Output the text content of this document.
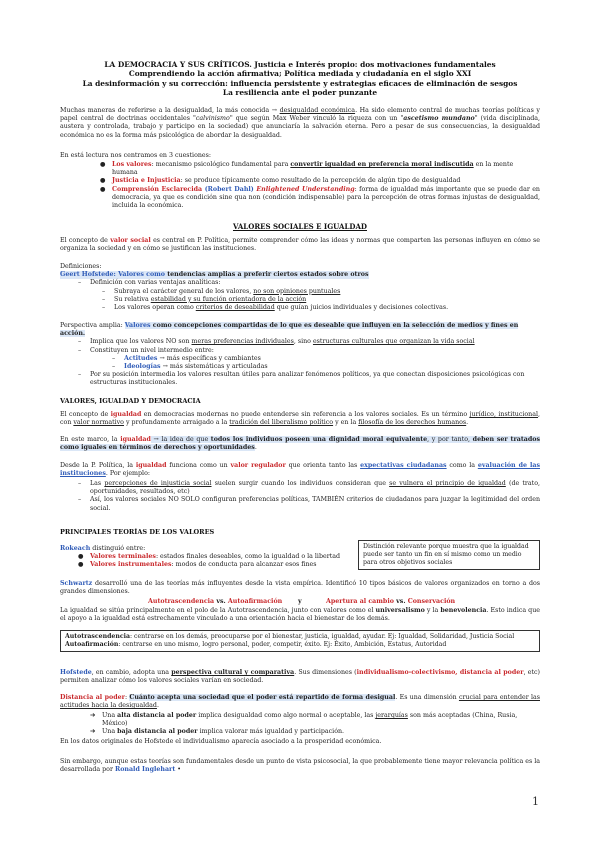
LA DEMOCRACIA Y SUS CRÍTICOS. Justicia e Interés propio: dos motivaciones fundamentales
Comprendiendo la acción afirmativa; Política mediada y ciudadanía en el siglo XXI
La desinformación y su corrección: influencia persistente y estrategias eficaces de eliminación de sesgos
La resiliencia ante el poder punzante
Muchas maneras de referirse a la desigualdad, la más conocida → desigualdad económica. Ha sido elemento central de muchas teorías políticas y papel central de doctrinas occidentales "calvinismo" que según Max Weber vinculó la riqueza con un "ascetismo mundano" (vida disciplinada, austera y controlada, trabajo y participo en la sociedad) que anunciaría la salvación eterna. Pero a pesar de sus consecuencias, la desigualdad económica no es la forma más psicológica de abordar la desigualdad.
En está lectura nos centramos en 3 cuestiones:
● Los valores: mecanismo psicológico fundamental para convertir igualdad en preferencia moral indiscutida en la mente humana
● Justicia e Injusticia: se produce típicamente como resultado de la percepción de algún tipo de desigualdad
● Comprensión Esclarecida (Robert Dahl) Enlightened Understanding: forma de igualdad más importante que se puede dar en democracia, ya que es condición sine qua non (condición indispensable) para la percepción de otras formas injustas de desigualdad, incluida la económica.
VALORES SOCIALES E IGUALDAD
El concepto de valor social es central en P. Política, permite comprender cómo las ideas y normas que comparten las personas influyen en cómo se organiza la sociedad y en cómo se justifican las instituciones.
Definiciones:
Geert Hofstede: Valores como tendencias amplias a preferir ciertos estados sobre otros
– Definición con varias ventajas analíticas:
– Subraya el carácter general de los valores, no son opiniones puntuales
– Su relativa estabilidad y su función orientadora de la acción
– Los valores operan como criterios de deseabilidad que guían juicios individuales y decisiones colectivas.
Perspectiva amplia: Valores como concepciones compartidas de lo que es deseable que influyen en la selección de medios y fines en acción.
– Implica que los valores NO son meras preferencias individuales, sino estructuras culturales que organizan la vida social
– Constituyen un nivel intermedio entre:
– Actitudes → más específicas y cambiantes
– Ideologías → más sistemáticas y articuladas
– Por su posición intermedia los valores resultan útiles para analizar fenómenos políticos, ya que conectan disposiciones psicológicas con estructuras institucionales.
VALORES, IGUALDAD Y DEMOCRACIA
El concepto de igualdad en democracias modernas no puede entenderse sin referencia a los valores sociales. Es un término jurídico, institucional, con valor normativo y profundamente arraigado a la tradición del liberalismo político y en la filosofía de los derechos humanos.
En este marco, la igualdad → la idea de que todos los individuos poseen una dignidad moral equivalente, y por tanto, deben ser tratados como iguales en términos de derechos y oportunidades.
Desde la P. Política, la igualdad funciona como un valor regulador que orienta tanto las expectativas ciudadanas como la evaluación de las instituciones. Por ejemplo:
– Las percepciones de injusticia social suelen surgir cuando los individuos consideran que se vulnera el principio de igualdad (de trato, oportunidades, resultados, etc)
– Así, los valores sociales NO SOLO configuran preferencias políticas, TAMBIÉN criterios de ciudadanos para juzgar la legitimidad del orden social.
PRINCIPALES TEORÍAS DE LOS VALORES
Rokeach distinguió entre:
● Valores terminales: estados finales deseables, como la igualdad o la libertad
● Valores instrumentales: modos de conducta para alcanzar esos fines
Distinción relevante porque muestra que la igualdad puede ser tanto un fin en sí mismo como un medio para otros objetivos sociales
Schwartz desarrolló una de las teorías más influyentes desde la vista empírica. Identificó 10 tipos básicos de valores organizados en torno a dos grandes dimensiones.
Autotrascendencia vs. Autoafirmación	y	Apertura al cambio vs. Conservación
La igualdad se sitúa principalmente en el polo de la Autotrascendencia, junto con valores como el universalismo y la benevolencia. Esto indica que el apoyo a la igualdad está estrechamente vinculado a una orientación hacia el bienestar de los demás.
Autotrascendencia: centrarse en los demás, preocuparse por el bienestar, justicia, igualdad, ayudar. Ej: Igualdad, Solidaridad, Justicia Social
Autoafirmación: centrarse en uno mismo, logro personal, poder, competir, éxito. Ej: Éxito, Ambición, Estatus, Autoridad
Hofstede, en cambio, adopta una perspectiva cultural y comparativa. Sus dimensiones (individualismo-colectivismo, distancia al poder, etc) permiten analizar cómo los valores sociales varían en sociedad.
Distancia al poder: Cuánto acepta una sociedad que el poder está repartido de forma desigual. Es una dimensión crucial para entender las actitudes hacia la desigualdad.
➔ Una alta distancia al poder implica desigualdad como algo normal o aceptable, las jerarquías son más aceptadas (China, Rusia, México)
➔ Una baja distancia al poder implica valorar más igualdad y participación.
En los datos originales de Hofstede el individualismo aparecía asociado a la prosperidad económica.
Sin embargo, aunque estas teorías son fundamentales desde un punto de vista psicosocial, la que probablemente tiene mayor relevancia política es la desarrollada por Ronald Inglehart •
1
